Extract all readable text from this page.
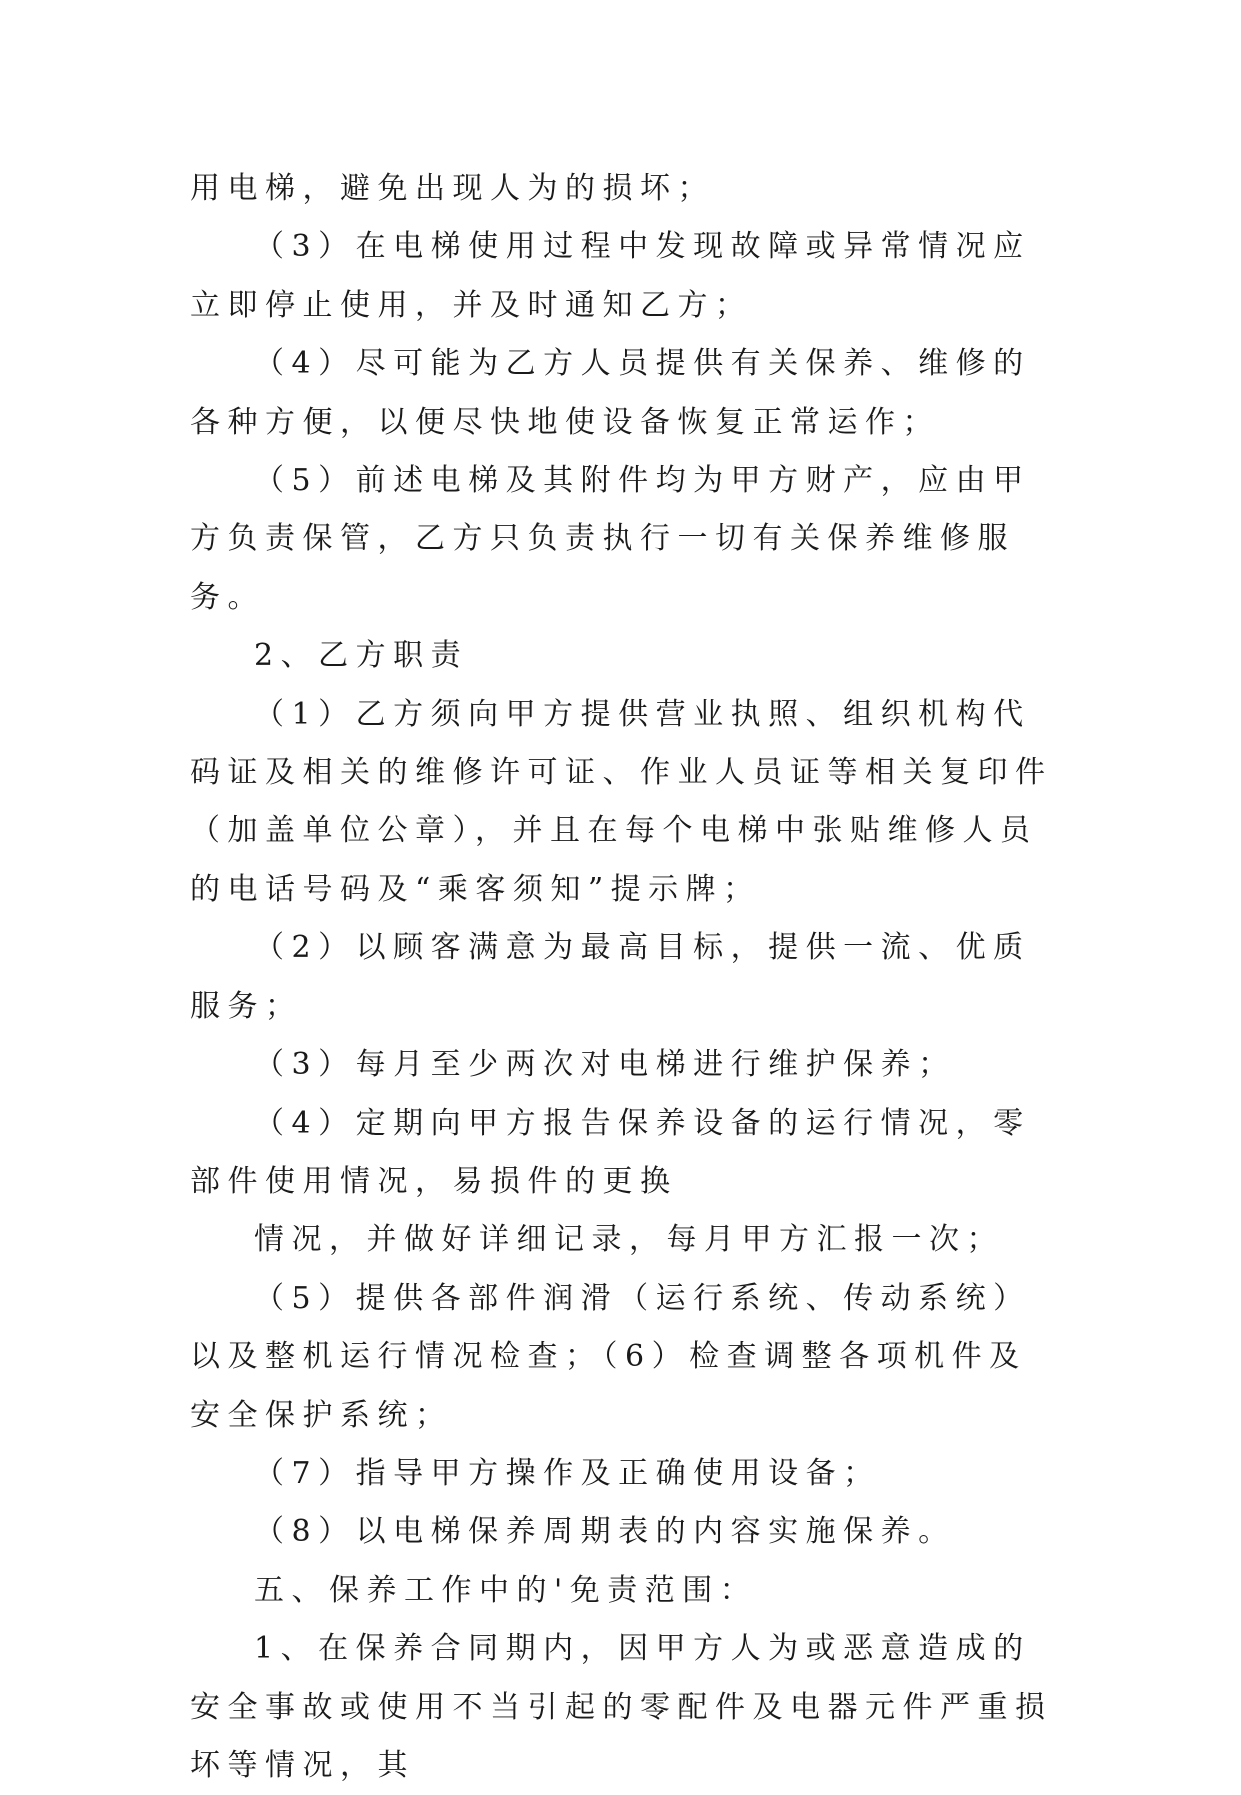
用电梯，避免出现人为的损坏；

（3）在电梯使用过程中发现故障或异常情况应立即停止使用，并及时通知乙方；

（4）尽可能为乙方人员提供有关保养、维修的各种方便，以便尽快地使设备恢复正常运作；

（5）前述电梯及其附件均为甲方财产，应由甲方负责保管，乙方只负责执行一切有关保养维修服务。

2、乙方职责

（1）乙方须向甲方提供营业执照、组织机构代码证及相关的维修许可证、作业人员证等相关复印件（加盖单位公章），并且在每个电梯中张贴维修人员的电话号码及“乘客须知”提示牌；

（2）以顾客满意为最高目标，提供一流、优质服务；

（3）每月至少两次对电梯进行维护保养；

（4）定期向甲方报告保养设备的运行情况，零部件使用情况，易损件的更换

情况，并做好详细记录，每月甲方汇报一次；

（5）提供各部件润滑（运行系统、传动系统）以及整机运行情况检查；（6）检查调整各项机件及安全保护系统；

（7）指导甲方操作及正确使用设备；

（8）以电梯保养周期表的内容实施保养。

五、保养工作中的'免责范围：

1、在保养合同期内，因甲方人为或恶意造成的安全事故或使用不当引起的零配件及电器元件严重损坏等情况，其
